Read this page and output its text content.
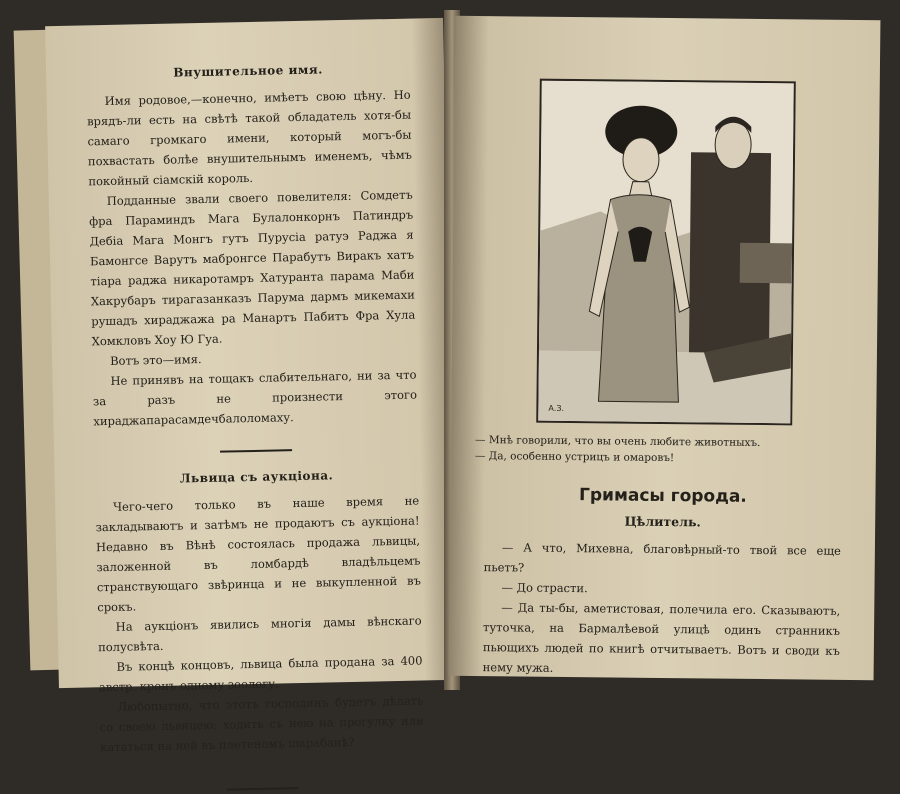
Внушительное имя.

Имя родовое,—конечно, имѣетъ свою цѣну. Но врядъ-ли есть на свѣтѣ такой обладатель хотя-бы самаго громкаго имени, который могъ-бы похвастать болѣе внушительнымъ именемъ, чѣмъ покойный сіамскій король.

Подданные звали своего повелителя: Сомдетъ фра Параминдъ Мага Булалонкорнъ Патиндръ Дебіа Мага Монгъ гутъ Пурусіа ратуэ Раджа я Бамонгсе Варутъ мабронгсе Парабутъ Виракъ хатъ тіара раджа никаротамръ Хатуранта парама Маби Хакрубаръ тирагазанказъ Парума дармъ микемахи рушадъ хираджажа ра Манартъ Пабитъ Фра Хула Хомкловъ Хоу Ю Гуа.

Вотъ это—имя.

Не принявъ на тощакъ слабительнаго, ни за что за разъ не произнести этого хираджапарасамдечбалоломаху.

Львица съ аукціона.

Чего-чего только въ наше время не закладываютъ и затѣмъ не продаютъ съ аукціона! Недавно въ Вѣнѣ состоялась продажа львицы, заложенной въ ломбардѣ владѣльцемъ странствующаго звѣринца и не выкупленной въ срокъ.

На аукціонъ явились многія дамы вѣнскаго полусвѣта.

Въ концѣ концовъ, львица была продана за 400 австр. кронъ одному зоологу.

Любопытно, что этотъ господинъ будетъ дѣлать со своею львицею: ходить съ нею на прогулку или кататься на ней въ плетеномъ шарабанѣ?

А.З.
— Мнѣ говорили, что вы очень любите животныхъ.
— Да, особенно устрицъ и омаровъ!
Гримасы города.
Цѣлитель.

— А что, Михевна, благовѣрный-то твой все еще пьетъ?

— До страсти.

— Да ты-бы, аметистовая, полечила его. Сказываютъ, туточка, на Бармалѣевой улицѣ одинъ странникъ пьющихъ людей по книгѣ отчитываетъ. Вотъ и своди къ нему мужа.
